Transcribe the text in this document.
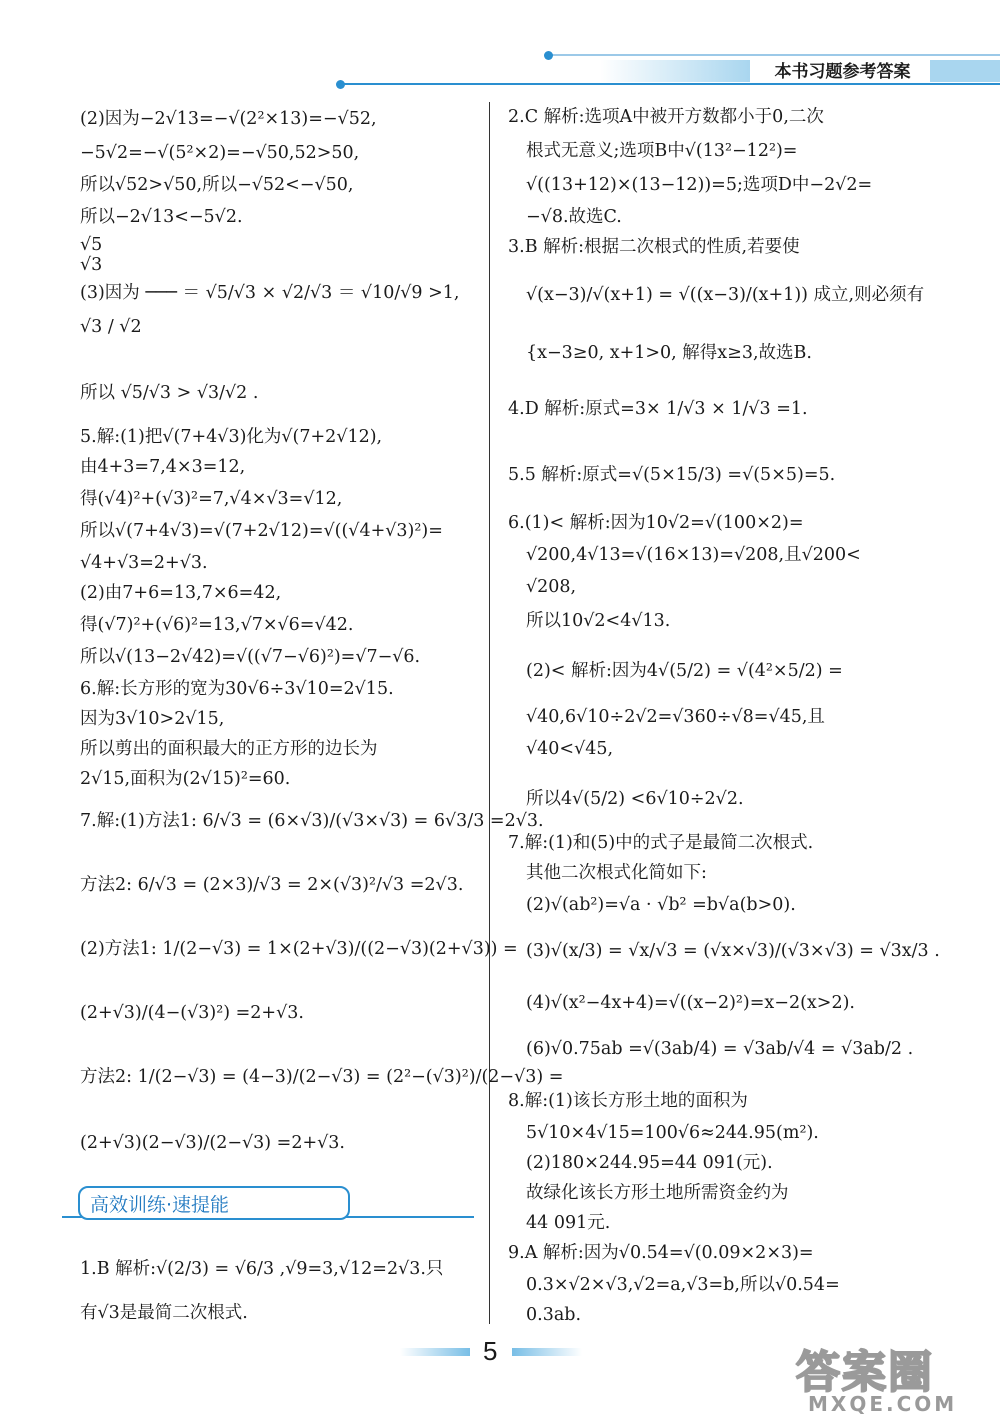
本书习题参考答案
(2)因为−2√13=−√(2²×13)=−√52,
−5√2=−√(5²×2)=−√50,52>50,
所以√52>√50,所以−√52<−√50,
所以−2√13<−5√2.
√5
(3)因为 ─── ＝ √5/√3 × √2/√3 ＝ √10/√9 >1,
√3
√3 / √2
所以 √5/√3 > √3/√2 .
5.解:(1)把√(7+4√3)化为√(7+2√12),
由4+3=7,4×3=12,
得(√4)²+(√3)²=7,√4×√3=√12,
所以√(7+4√3)=√(7+2√12)=√((√4+√3)²)=
√4+√3=2+√3.
(2)由7+6=13,7×6=42,
得(√7)²+(√6)²=13,√7×√6=√42.
所以√(13−2√42)=√((√7−√6)²)=√7−√6.
6.解:长方形的宽为30√6÷3√10=2√15.
因为3√10>2√15,
所以剪出的面积最大的正方形的边长为
2√15,面积为(2√15)²=60.
7.解:(1)方法1: 6/√3 = (6×√3)/(√3×√3) = 6√3/3 =2√3.
方法2: 6/√3 = (2×3)/√3 = 2×(√3)²/√3 =2√3.
(2)方法1: 1/(2−√3) = 1×(2+√3)/((2−√3)(2+√3)) =
(2+√3)/(4−(√3)²) =2+√3.
方法2: 1/(2−√3) = (4−3)/(2−√3) = (2²−(√3)²)/(2−√3) =
(2+√3)(2−√3)/(2−√3) =2+√3.
高效训练·速提能
1.B 解析:√(2/3) = √6/3 ,√9=3,√12=2√3.只
有√3是最简二次根式.
2.C 解析:选项A中被开方数都小于0,二次
根式无意义;选项B中√(13²−12²)=
√((13+12)×(13−12))=5;选项D中−2√2=
−√8.故选C.
3.B 解析:根据二次根式的性质,若要使
√(x−3)/√(x+1) = √((x−3)/(x+1)) 成立,则必须有
{x−3≥0, x+1>0, 解得x≥3,故选B.
4.D 解析:原式=3× 1/√3 × 1/√3 =1.
5.5 解析:原式=√(5×15/3) =√(5×5)=5.
6.(1)< 解析:因为10√2=√(100×2)=
√200,4√13=√(16×13)=√208,且√200<
√208,
所以10√2<4√13.
(2)< 解析:因为4√(5/2) = √(4²×5/2) =
√40,6√10÷2√2=√360÷√8=√45,且
√40<√45,
所以4√(5/2) <6√10÷2√2.
7.解:(1)和(5)中的式子是最简二次根式.
其他二次根式化简如下:
(2)√(ab²)=√a · √b² =b√a(b>0).
(3)√(x/3) = √x/√3 = (√x×√3)/(√3×√3) = √3x/3 .
(4)√(x²−4x+4)=√((x−2)²)=x−2(x>2).
(6)√0.75ab =√(3ab/4) = √3ab/√4 = √3ab/2 .
8.解:(1)该长方形土地的面积为
5√10×4√15=100√6≈244.95(m²).
(2)180×244.95=44 091(元).
故绿化该长方形土地所需资金约为
44 091元.
9.A 解析:因为√0.54=√(0.09×2×3)=
0.3×√2×√3,√2=a,√3=b,所以√0.54=
0.3ab.
5	答案圈
MXQE.COM
